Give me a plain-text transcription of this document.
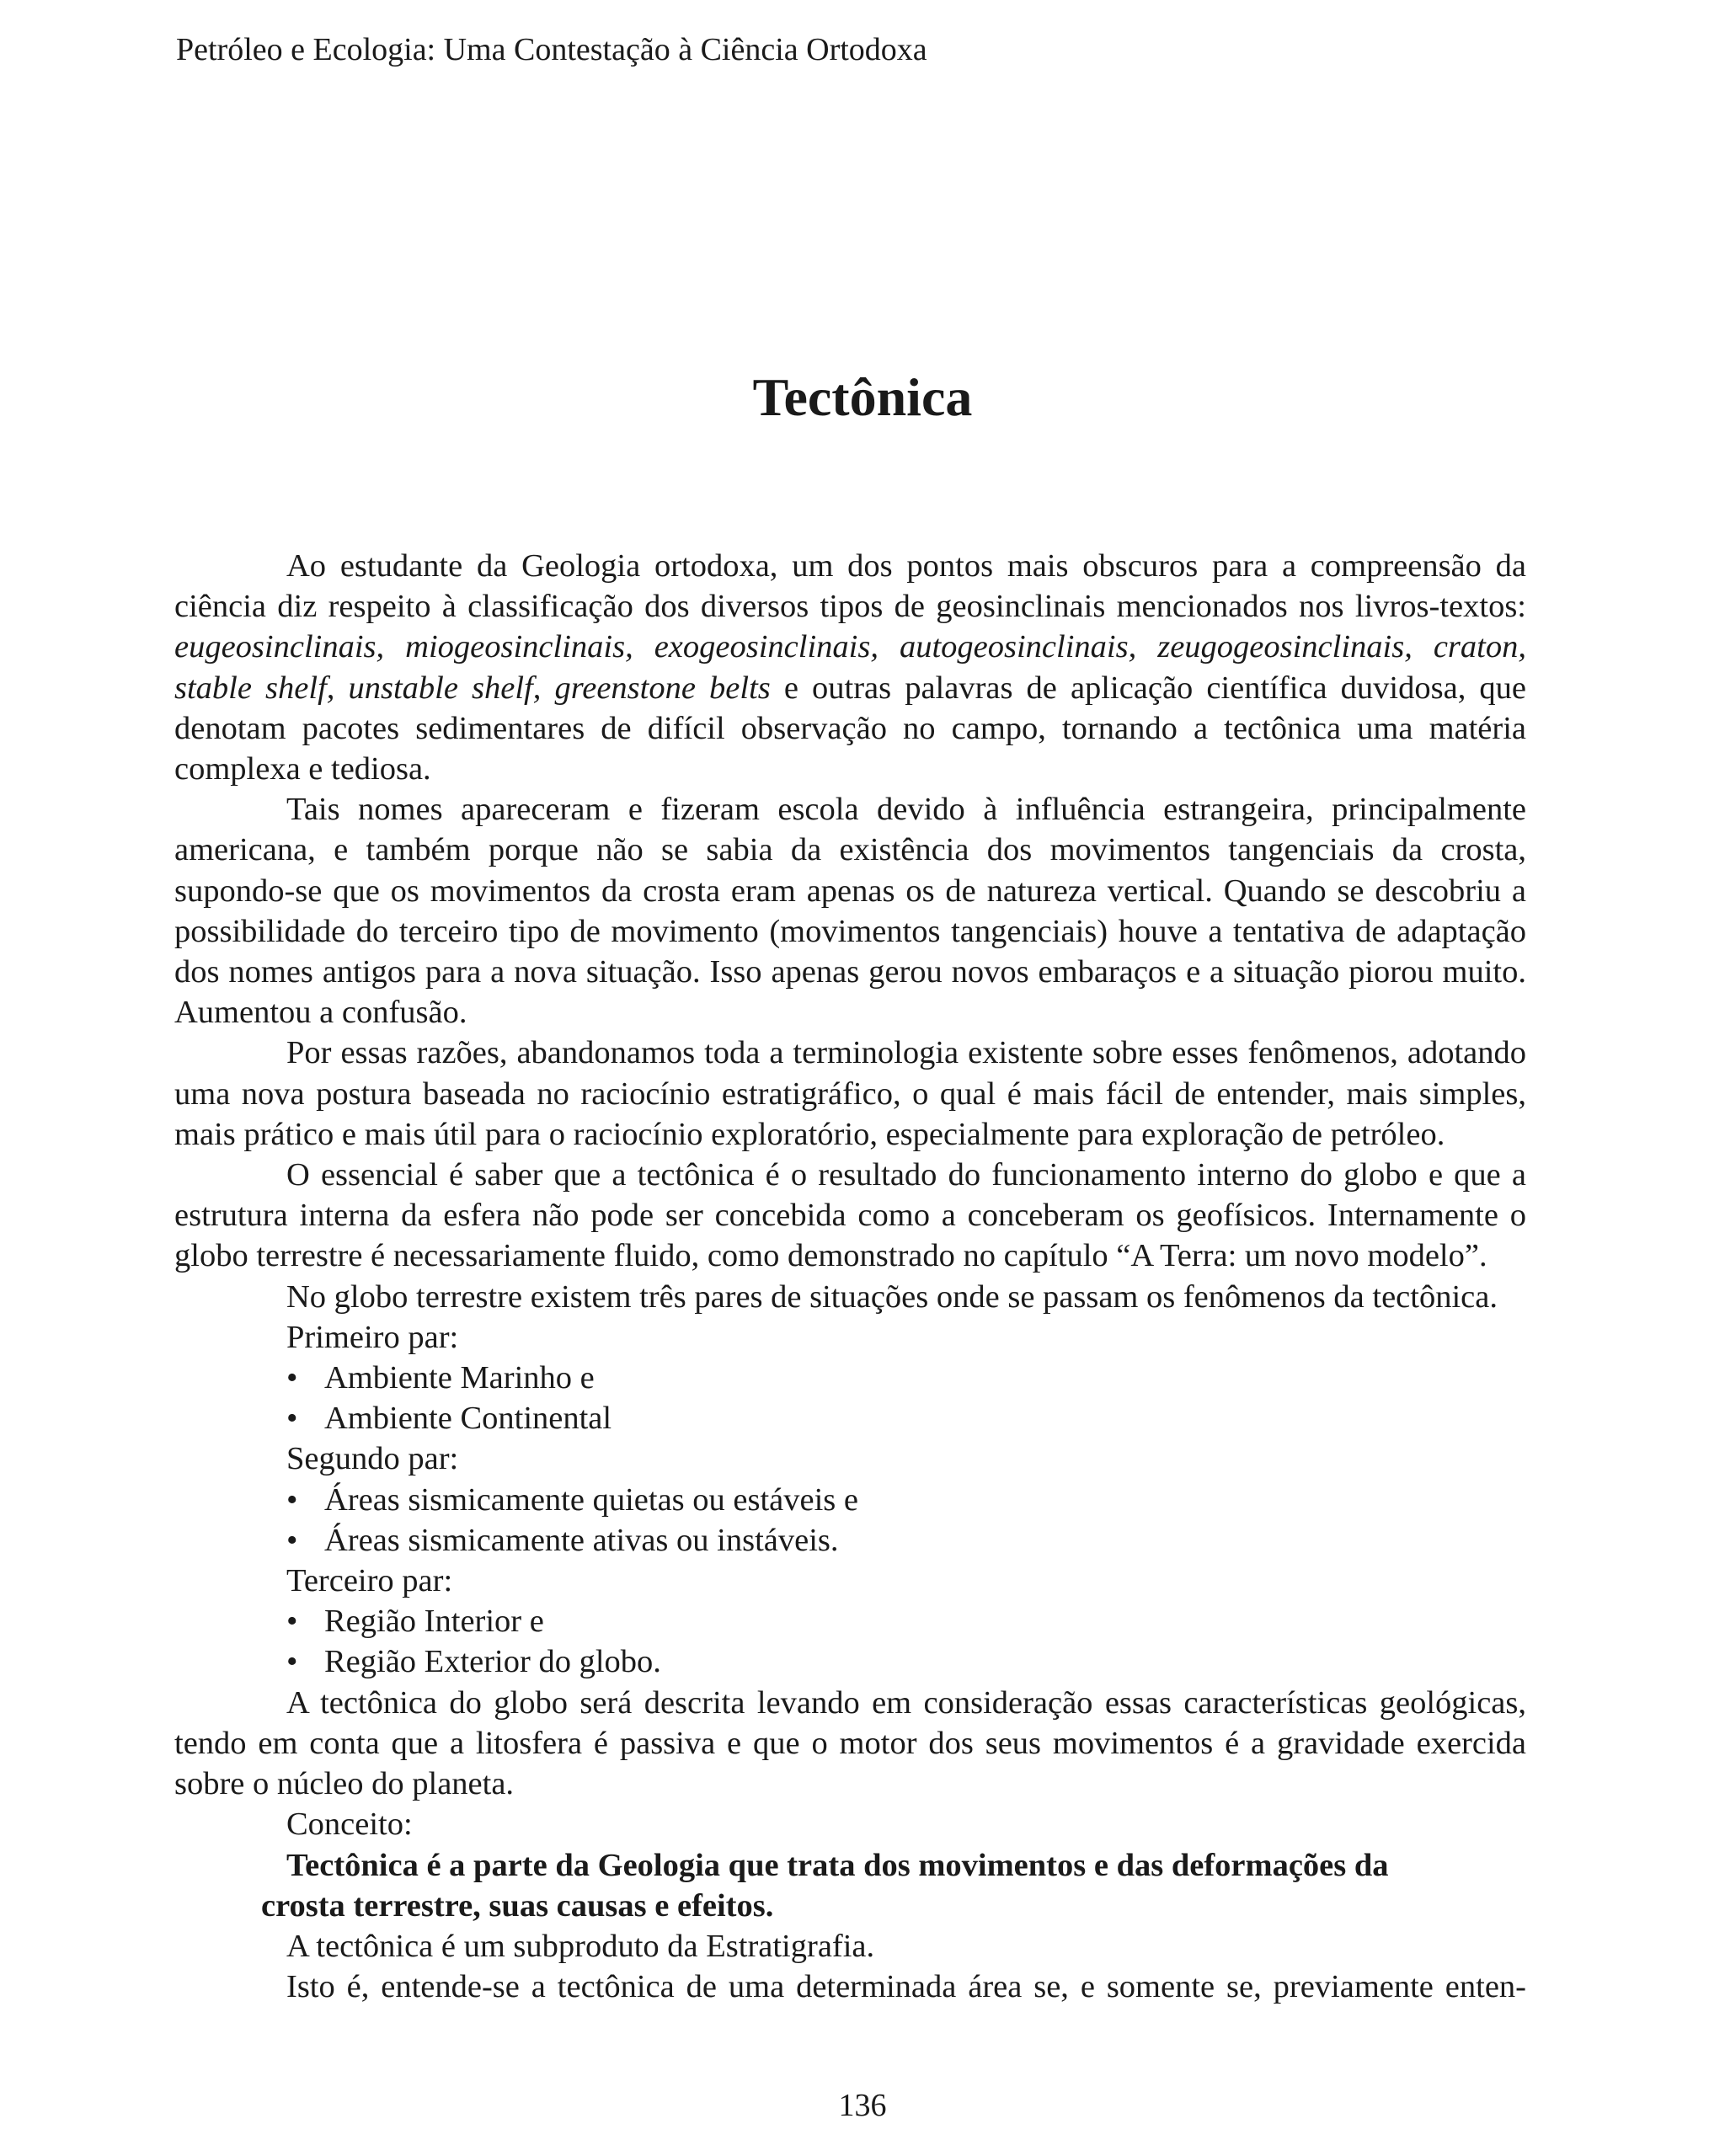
Petróleo e Ecologia: Uma Contestação à Ciência Ortodoxa
Tectônica

Ao estudante da Geologia ortodoxa, um dos pontos mais obscuros para a compreensão da ciência diz respeito à classificação dos diversos tipos de geosinclinais mencionados nos livros-textos: eugeosinclinais, miogeosinclinais, exogeosinclinais, autogeosinclinais, zeugogeosinclinais, craton, stable shelf, unstable shelf, greenstone belts e outras palavras de aplicação científica duvidosa, que denotam pacotes sedimentares de difícil observação no campo, tornando a tectônica uma matéria complexa e tediosa.

Tais nomes apareceram e fizeram escola devido à influência estrangeira, principalmente americana, e também porque não se sabia da existência dos movimentos tangenciais da crosta, supondo-se que os movimentos da crosta eram apenas os de natureza vertical. Quando se descobriu a possibilidade do terceiro tipo de movimento (movimentos tangenciais) houve a tentativa de adaptação dos nomes antigos para a nova situação. Isso apenas gerou novos embaraços e a situação piorou muito. Aumentou a confusão.

Por essas razões, abandonamos toda a terminologia existente sobre esses fenômenos, adotando uma nova postura baseada no raciocínio estratigráfico, o qual é mais fácil de entender, mais simples, mais prático e mais útil para o raciocínio exploratório, especialmente para exploração de petróleo.

O essencial é saber que a tectônica é o resultado do funcionamento interno do globo e que a estrutura interna da esfera não pode ser concebida como a conceberam os geofísicos. Internamente o globo terrestre é necessariamente fluido, como demonstrado no capítulo “A Terra: um novo modelo”.

No globo terrestre existem três pares de situações onde se passam os fenômenos da tectônica.

Primeiro par:

• Ambiente Marinho e

• Ambiente Continental

Segundo par:

• Áreas sismicamente quietas ou estáveis e

• Áreas sismicamente ativas ou instáveis.

Terceiro par:

• Região Interior e

• Região Exterior do globo.

A tectônica do globo será descrita levando em consideração essas características geológicas, tendo em conta que a litosfera é passiva e que o motor dos seus movimentos é a gravidade exercida sobre o núcleo do planeta.

Conceito:

Tectônica é a parte da Geologia que trata dos movimentos e das deformações da
crosta terrestre, suas causas e efeitos.

A tectônica é um subproduto da Estratigrafia.

Isto é, entende-se a tectônica de uma determinada área se, e somente se, previamente enten-

136
